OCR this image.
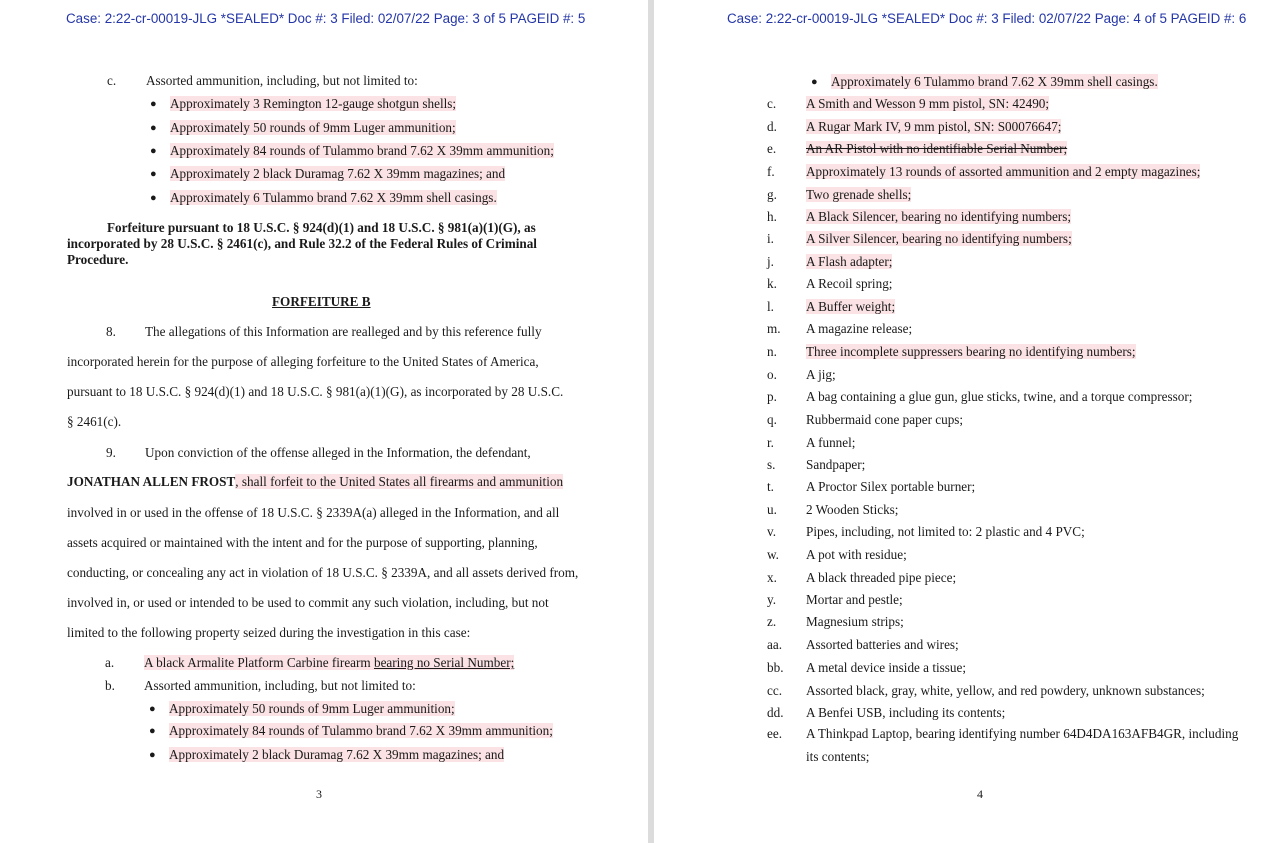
Case: 2:22-cr-00019-JLG *SEALED* Doc #: 3 Filed: 02/07/22 Page: 3 of 5 PAGEID #: 5
c. Assorted ammunition, including, but not limited to:
● Approximately 3 Remington 12-gauge shotgun shells;
● Approximately 50 rounds of 9mm Luger ammunition;
● Approximately 84 rounds of Tulammo brand 7.62 X 39mm ammunition;
● Approximately 2 black Duramag 7.62 X 39mm magazines; and
● Approximately 6 Tulammo brand 7.62 X 39mm shell casings.
Forfeiture pursuant to 18 U.S.C. § 924(d)(1) and 18 U.S.C. § 981(a)(1)(G), as
incorporated by 28 U.S.C. § 2461(c), and Rule 32.2 of the Federal Rules of Criminal
Procedure.
FORFEITURE B
8. The allegations of this Information are realleged and by this reference fully
incorporated herein for the purpose of alleging forfeiture to the United States of America,
pursuant to 18 U.S.C. § 924(d)(1) and 18 U.S.C. § 981(a)(1)(G), as incorporated by 28 U.S.C.
§ 2461(c).
9. Upon conviction of the offense alleged in the Information, the defendant,
JONATHAN ALLEN FROST, shall forfeit to the United States all firearms and ammunition
involved in or used in the offense of 18 U.S.C. § 2339A(a) alleged in the Information, and all
assets acquired or maintained with the intent and for the purpose of supporting, planning,
conducting, or concealing any act in violation of 18 U.S.C. § 2339A, and all assets derived from,
involved in, or used or intended to be used to commit any such violation, including, but not
limited to the following property seized during the investigation in this case:
a. A black Armalite Platform Carbine firearm bearing no Serial Number;
b. Assorted ammunition, including, but not limited to:
● Approximately 50 rounds of 9mm Luger ammunition;
● Approximately 84 rounds of Tulammo brand 7.62 X 39mm ammunition;
● Approximately 2 black Duramag 7.62 X 39mm magazines; and
3
Case: 2:22-cr-00019-JLG *SEALED* Doc #: 3 Filed: 02/07/22 Page: 4 of 5 PAGEID #: 6
● Approximately 6 Tulammo brand 7.62 X 39mm shell casings.
c. A Smith and Wesson 9 mm pistol, SN: 42490;
d. A Rugar Mark IV, 9 mm pistol, SN: S00076647;
e. An AR Pistol with no identifiable Serial Number;
f. Approximately 13 rounds of assorted ammunition and 2 empty magazines;
g. Two grenade shells;
h. A Black Silencer, bearing no identifying numbers;
i. A Silver Silencer, bearing no identifying numbers;
j. A Flash adapter;
k. A Recoil spring;
l. A Buffer weight;
m. A magazine release;
n. Three incomplete suppressers bearing no identifying numbers;
o. A jig;
p. A bag containing a glue gun, glue sticks, twine, and a torque compressor;
q. Rubbermaid cone paper cups;
r. A funnel;
s. Sandpaper;
t. A Proctor Silex portable burner;
u. 2 Wooden Sticks;
v. Pipes, including, not limited to: 2 plastic and 4 PVC;
w. A pot with residue;
x. A black threaded pipe piece;
y. Mortar and pestle;
z. Magnesium strips;
aa. Assorted batteries and wires;
bb. A metal device inside a tissue;
cc. Assorted black, gray, white, yellow, and red powdery, unknown substances;
dd. A Benfei USB, including its contents;
ee. A Thinkpad Laptop, bearing identifying number 64D4DA163AFB4GR, including
its contents;
4
